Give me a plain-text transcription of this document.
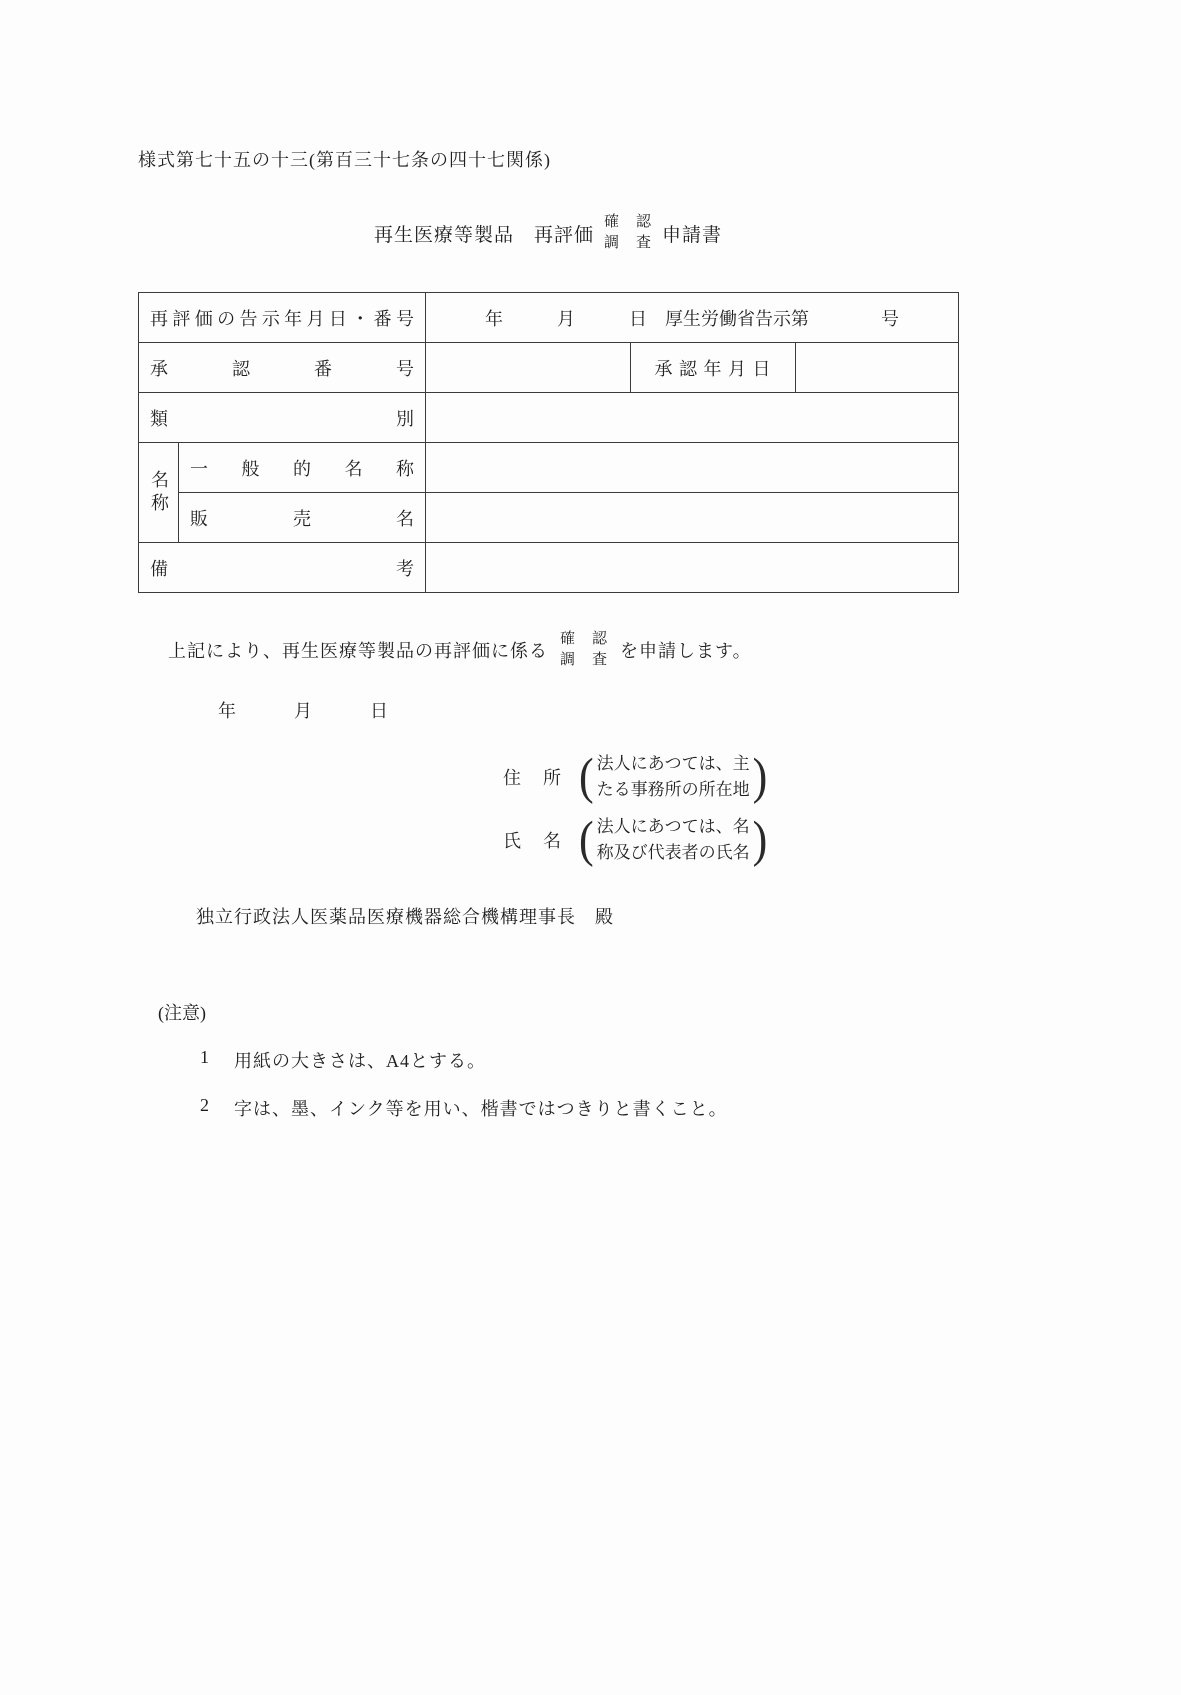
様式第七十五の十三(第百三十七条の四十七関係)
再生医療等製品　再評価
確　認
調　査 申請書
再評価の告示年月日・番号		年　　　月　　　日　厚生労働省告示第　　　　号		
承　　認　　番　　号			承 認 年 月 日	
類　　　　　　　　別				

名称	一　般　的　名　称			
	販　　　売　　　名			
備　　　　　　　　考				
上記により、再生医療等製品の再評価に係る
確　認
調　査 を申請します。
年　　　月　　　日
住　所 ( 法人にあつては、主
たる事務所の所在地 )
氏　名 ( 法人にあつては、名
称及び代表者の氏名 )
独立行政法人医薬品医療機器総合機構理事長　殿
(注意)
1	用紙の大きさは、A4とする。
2	字は、墨、インク等を用い、楷書ではつきりと書くこと。
